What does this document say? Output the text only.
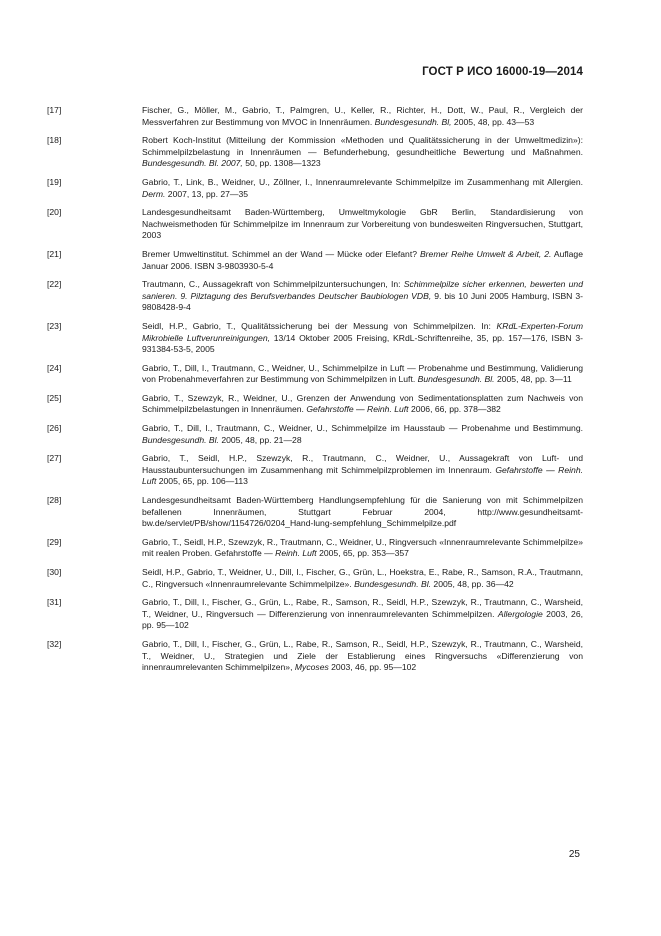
ГОСТ Р ИСО 16000-19—2014
[17]	Fischer, G., Möller, M., Gabrio, T., Palmgren, U., Keller, R., Richter, H., Dott, W., Paul, R., Vergleich der Messverfahren zur Bestimmung von MVOC in Innenräumen. Bundesgesundh. Bl, 2005, 48, pp. 43—53
[18]	Robert Koch-Institut (Mitteilung der Kommission «Methoden und Qualitätssicherung in der Umweltmedizin»): Schimmelpilzbelastung in Innenräumen — Befunderhebung, gesundheitliche Bewertung und Maßnahmen. Bundesgesundh. Bl. 2007, 50, pp. 1308—1323
[19]	Gabrio, T., Link, B., Weidner, U., Zöllner, I., Innenraumrelevante Schimmelpilze im Zusammenhang mit Allergien. Derm. 2007, 13, pp. 27—35
[20]	Landesgesundheitsamt Baden-Württemberg, Umweltmykologie GbR Berlin, Standardisierung von Nachweismethoden für Schimmelpilze im Innenraum zur Vorbereitung von bundesweiten Ringversuchen, Stuttgart, 2003
[21]	Bremer Umweltinstitut. Schimmel an der Wand — Mücke oder Elefant? Bremer Reihe Umwelt & Arbeit, 2. Auflage Januar 2006. ISBN 3-9803930-5-4
[22]	Trautmann, C., Aussagekraft von Schimmelpilzuntersuchungen, In: Schimmelpilze sicher erkennen, bewerten und sanieren. 9. Pilztagung des Berufsverbandes Deutscher Baubiologen VDB, 9. bis 10 Juni 2005 Hamburg, ISBN 3-9808428-9-4
[23]	Seidl, H.P., Gabrio, T., Qualitätssicherung bei der Messung von Schimmelpilzen. In: KRdL-Experten-Forum Mikrobielle Luftverunreinigungen, 13/14 Oktober 2005 Freising, KRdL-Schriftenreihe, 35, pp. 157—176, ISBN 3-931384-53-5, 2005
[24]	Gabrio, T., Dill, I., Trautmann, C., Weidner, U., Schimmelpilze in Luft — Probenahme und Bestimmung, Validierung von Probenahmeverfahren zur Bestimmung von Schimmelpilzen in Luft. Bundesgesundh. Bl. 2005, 48, pp. 3—11
[25]	Gabrio, T., Szewzyk, R., Weidner, U., Grenzen der Anwendung von Sedimentationsplatten zum Nachweis von Schimmelpilzbelastungen in Innenräumen. Gefahrstoffe — Reinh. Luft 2006, 66, pp. 378—382
[26]	Gabrio, T., Dill, I., Trautmann, C., Weidner, U., Schimmelpilze im Hausstaub — Probenahme und Bestimmung. Bundesgesundh. Bl. 2005, 48, pp. 21—28
[27]	Gabrio, T., Seidl, H.P., Szewzyk, R., Trautmann, C., Weidner, U., Aussagekraft von Luft- und Hausstaubuntersuchungen im Zusammenhang mit Schimmelpilzproblemen im Innenraum. Gefahrstoffe — Reinh. Luft 2005, 65, pp. 106—113
[28]	Landesgesundheitsamt Baden-Württemberg Handlungsempfehlung für die Sanierung von mit Schimmelpilzen befallenen Innenräumen, Stuttgart Februar 2004, http://www.gesundheitsamt-bw.de/servlet/PB/show/1154726/0204_Hand-lung-sempfehlung_Schimmelpilze.pdf
[29]	Gabrio, T., Seidl, H.P., Szewzyk, R., Trautmann, C., Weidner, U., Ringversuch «Innenraumrelevante Schimmelpilze» mit realen Proben. Gefahrstoffe — Reinh. Luft 2005, 65, pp. 353—357
[30]	Seidl, H.P., Gabrio, T., Weidner, U., Dill, I., Fischer, G., Grün, L., Hoekstra, E., Rabe, R., Samson, R.A., Trautmann, C., Ringversuch «Innenraumrelevante Schimmelpilze». Bundesgesundh. Bl. 2005, 48, pp. 36—42
[31]	Gabrio, T., Dill, I., Fischer, G., Grün, L., Rabe, R., Samson, R., Seidl, H.P., Szewzyk, R., Trautmann, C., Warsheid, T., Weidner, U., Ringversuch — Differenzierung von innenraumrelevanten Schimmelpilzen. Allergologie 2003, 26, pp. 95—102
[32]	Gabrio, T., Dill, I., Fischer, G., Grün, L., Rabe, R., Samson, R., Seidl, H.P., Szewzyk, R., Trautmann, C., Warsheid, T., Weidner, U., Strategien und Ziele der Establierung eines Ringversuchs «Differenzierung von innenraumrelevanten Schimmelpilzen», Mycoses 2003, 46, pp. 95—102
25
